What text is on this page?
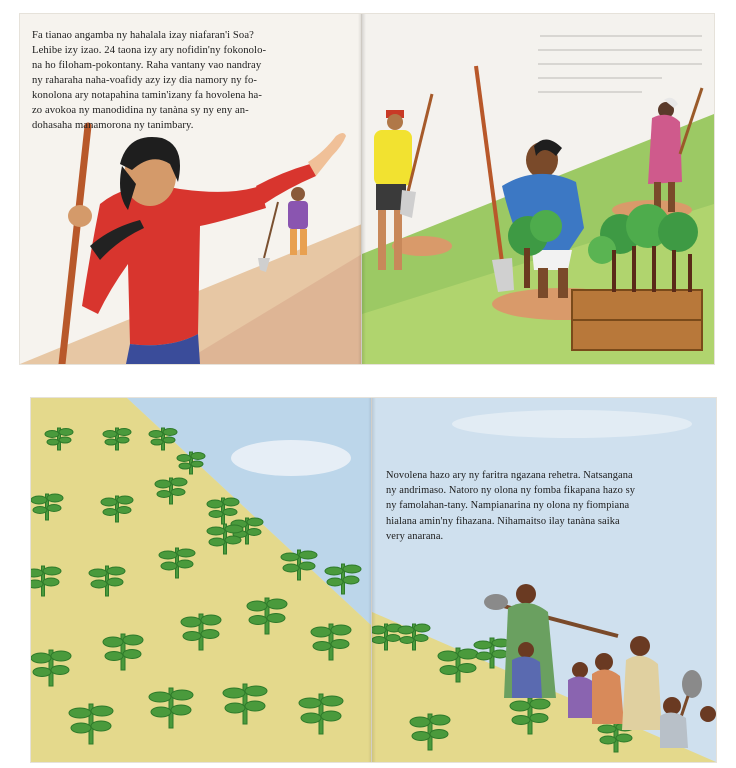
Fa tianao angamba ny hahalala izay niafaran'i Soa?
Lehibe izy izao. 24 taona izy ary nofidin'ny fokonolo-
na ho filoham-pokontany. Raha vantany vao nandray
ny raharaha naha-voafidy azy izy dia namory ny fo-
konolona ary notapahina tamin'izany fa hovolena ha-
zo avokoa ny manodidina ny tanàna sy ny eny an-
dohasaha manamorona ny tanimbary.

Novolena hazo ary ny faritra ngazana rehetra. Natsangana
ny andrimaso. Natoro ny olona ny fomba fikapana hazo sy
ny famolahan-tany. Nampianarina ny olona ny fiompiana
hialana amin'ny fihazana. Nihamaitso ilay tanàna saika
very anarana.
